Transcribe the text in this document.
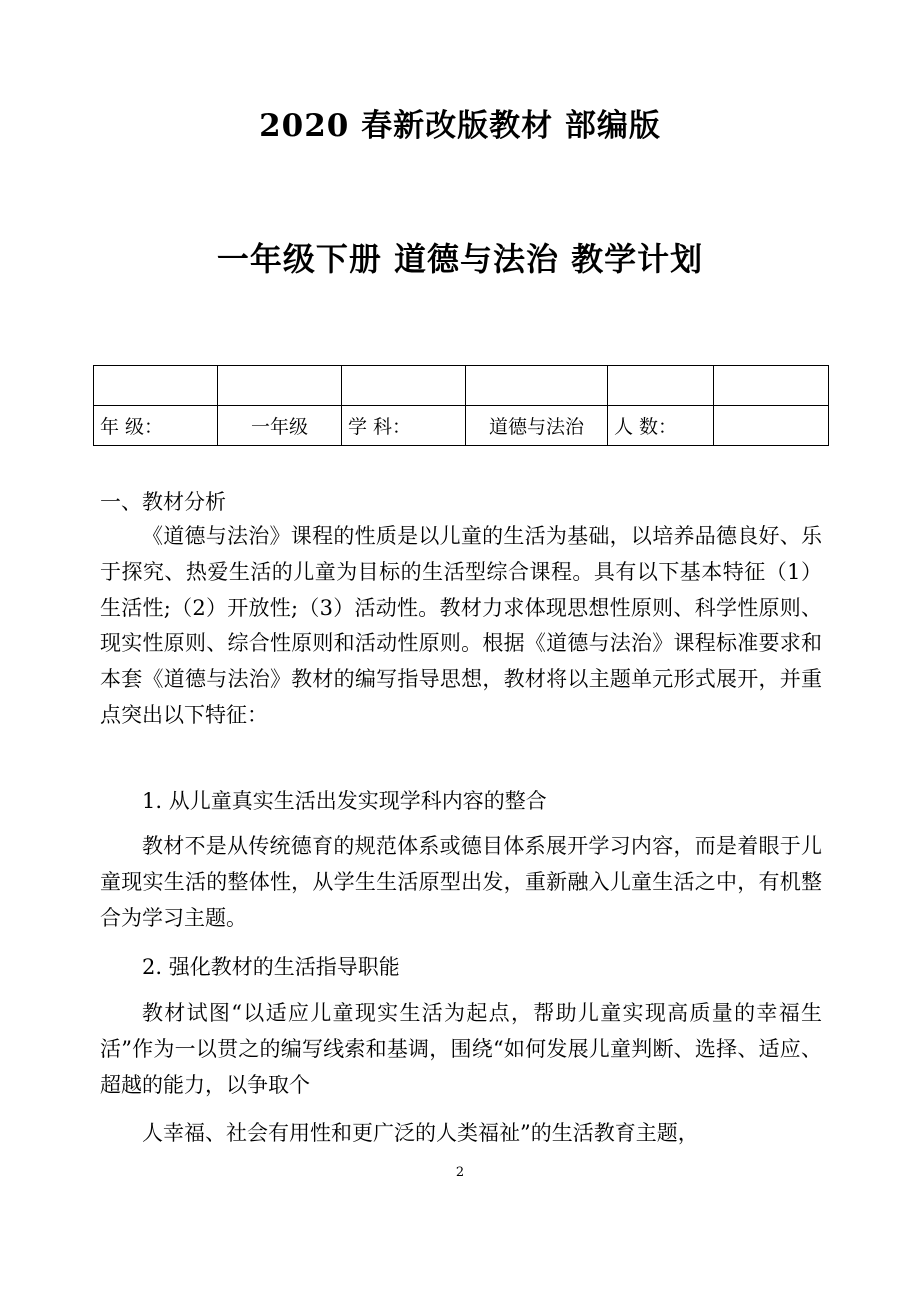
2020 春新改版教材 部编版
一年级下册 道德与法治 教学计划

年 级：	一年级	学 科：	道德与法治	人 数：	
一、教材分析
《道德与法治》课程的性质是以儿童的生活为基础，以培养品德良好、乐于探究、热爱生活的儿童为目标的生活型综合课程。具有以下基本特征（1）生活性;（2）开放性;（3）活动性。教材力求体现思想性原则、科学性原则、现实性原则、综合性原则和活动性原则。根据《道德与法治》课程标准要求和本套《道德与法治》教材的编写指导思想，教材将以主题单元形式展开，并重点突出以下特征：
1. 从儿童真实生活出发实现学科内容的整合
教材不是从传统德育的规范体系或德目体系展开学习内容，而是着眼于儿童现实生活的整体性，从学生生活原型出发，重新融入儿童生活之中，有机整合为学习主题。
2. 强化教材的生活指导职能
教材试图“以适应儿童现实生活为起点，帮助儿童实现高质量的幸福生活”作为一以贯之的编写线索和基调，围绕“如何发展儿童判断、选择、适应、超越的能力，以争取个
人幸福、社会有用性和更广泛的人类福祉”的生活教育主题，
2
